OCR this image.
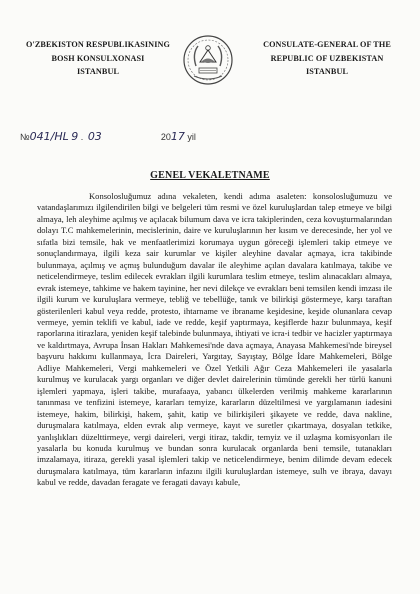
O'ZBEKISTON RESPUBLIKASINING
BOSH KONSULXONASI
ISTANBUL
CONSULATE-GENERAL OF THE
REPUBLIC OF UZBEKISTAN
ISTANBUL
№041/HL 9 . 03	2017 yil
GENEL VEKALETNAME

Konsolosluğumuz adına vekaleten, kendi adıma asaleten: konsolosluğumuzu ve vatandaşlarımızı ilgilendirilen bilgi ve belgeleri tüm resmi ve özel kuruluşlardan talep etmeye ve bilgi almaya, leh aleyhime açılmış ve açılacak bilumum dava ve icra takiplerinden, ceza kovuşturmalarından dolayı T.C mahkemelerinin, mecislerinin, daire ve kuruluşlarının her kısım ve derecesinde, her yol ve sıfatla bizi temsile, hak ve menfaatlerimizi korumaya uygun göreceği işlemleri takip etmeye ve sonuçlandırmaya, ilgili keza sair kurumlar ve kişiler aleyhine davalar açmaya, icra takibinde bulunmaya, açılmış ve açmış bulunduğum davalar ile aleyhime açılan davalara katılmaya, takibe ve neticelendirmeye, teslim edilecek evrakları ilgili kurumlara teslim etmeye, teslim alınacakları almaya, evrak istemeye, tahkime ve hakem tayinine, her nevi dilekçe ve evrakları beni temsilen kendi imzası ile ilgili kurum ve kuruluşlara vermeye, tebliğ ve tebellüğe, tanık ve bilirkişi göstermeye, karşı taraftan gösterilenleri kabul veya redde, protesto, ihtarname ve ibraname keşidesine, keşide olunanlara cevap vermeye, yemin teklifi ve kabul, iade ve redde, keşif yaptırmaya, keşiflerde hazır bulunmaya, keşif raporlarına itirazlara, yeniden keşif talebinde bulunmaya, ihtiyati ve icra-i tedbir ve hacizler yaptırmaya ve kaldırtmaya, Avrupa İnsan Hakları Mahkemesi'nde dava açmaya, Anayasa Mahkemesi'nde bireysel başvuru hakkımı kullanmaya, İcra Daireleri, Yargıtay, Sayıştay, Bölge İdare Mahkemeleri, Bölge Adliye Mahkemeleri, Vergi mahkemeleri ve Özel Yetkili Ağır Ceza Mahkemeleri ile yasalarla kurulmuş ve kurulacak yargı organları ve diğer devlet dairelerinin tümünde gerekli her türlü kanuni işlemleri yapmaya, işleri takibe, murafaaya, yabancı ülkelerden verilmiş mahkeme kararlarının tanınması ve tenfizini istemeye, kararları temyize, kararların düzeltilmesi ve yargılamanın iadesini istemeye, hakim, bilirkişi, hakem, şahit, katip ve bilirkişileri şikayete ve redde, dava nakline, duruşmalara katılmaya, elden evrak alıp vermeye, kayıt ve suretler çıkartmaya, dosyalan tetkike, yanlışlıkları düzelttirmeye, vergi daireleri, vergi itiraz, takdir, temyiz ve il uzlaşma komisyonları ile yasalarla bu konuda kurulmuş ve bundan sonra kurulacak organlarda beni temsile, tutanakları imzalamaya, itiraza, gerekli yasal işlemleri takip ve neticelendirmeye, benim dilimde devam edecek duruşmalara katılmaya, tüm kararların infazını ilgili kuruluşlardan istemeye, sulh ve ibraya, davayı kabul ve redde, davadan feragate ve feragati davayı kabule,
